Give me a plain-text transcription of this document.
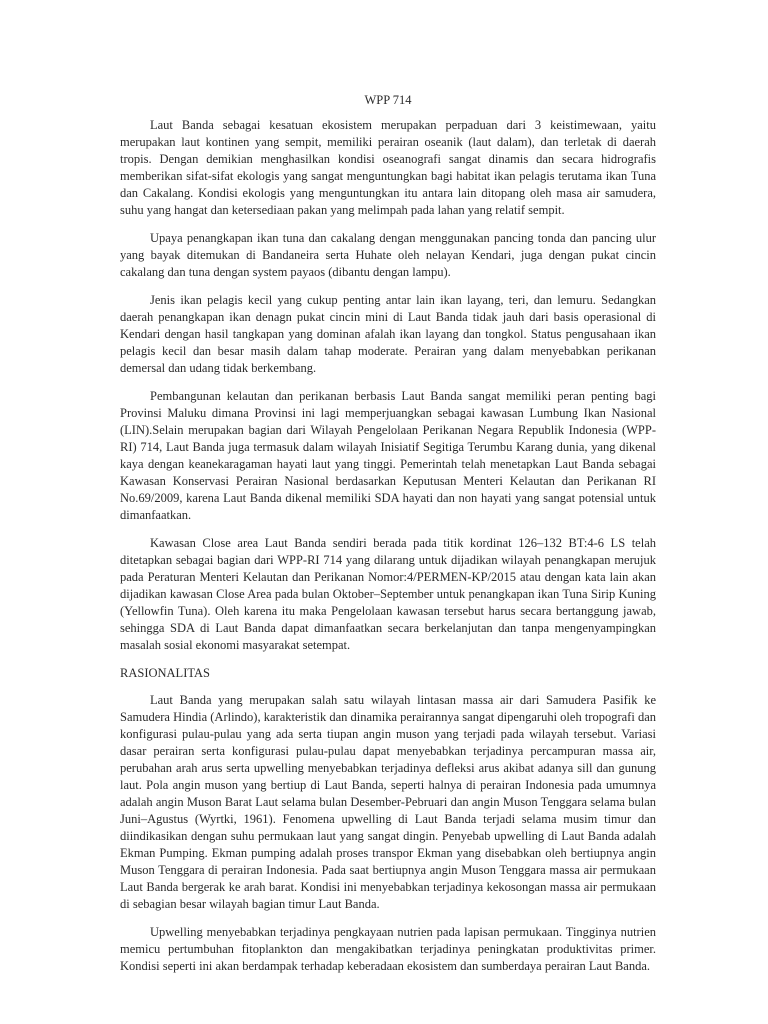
WPP 714

Laut Banda sebagai kesatuan ekosistem merupakan perpaduan dari 3 keistimewaan, yaitu merupakan laut kontinen yang sempit, memiliki perairan oseanik (laut dalam), dan terletak di daerah tropis. Dengan demikian menghasilkan kondisi oseanografi sangat dinamis dan secara hidrografis memberikan sifat-sifat ekologis yang sangat menguntungkan bagi habitat ikan pelagis terutama ikan Tuna dan Cakalang. Kondisi ekologis yang menguntungkan itu antara lain ditopang oleh masa air samudera, suhu yang hangat dan ketersediaan pakan yang melimpah pada lahan yang relatif sempit.

Upaya penangkapan ikan tuna dan cakalang dengan menggunakan pancing tonda dan pancing ulur yang bayak ditemukan di Bandaneira serta Huhate oleh nelayan Kendari, juga dengan pukat cincin cakalang dan tuna dengan system payaos (dibantu dengan lampu).

Jenis ikan pelagis kecil yang cukup penting antar lain ikan layang, teri, dan lemuru. Sedangkan daerah penangkapan ikan denagn pukat cincin mini di Laut Banda tidak jauh dari basis operasional di Kendari dengan hasil tangkapan yang dominan afalah ikan layang dan tongkol. Status pengusahaan ikan pelagis kecil dan besar masih dalam tahap moderate. Perairan yang dalam menyebabkan perikanan demersal dan udang tidak berkembang.

Pembangunan kelautan dan perikanan berbasis Laut Banda sangat memiliki peran penting bagi Provinsi Maluku dimana Provinsi ini lagi memperjuangkan sebagai kawasan Lumbung Ikan Nasional (LIN).Selain merupakan bagian dari Wilayah Pengelolaan Perikanan Negara Republik Indonesia (WPP-RI) 714, Laut Banda juga termasuk dalam wilayah Inisiatif Segitiga Terumbu Karang dunia, yang dikenal kaya dengan keanekaragaman hayati laut yang tinggi. Pemerintah telah menetapkan Laut Banda sebagai Kawasan Konservasi Perairan Nasional berdasarkan Keputusan Menteri Kelautan dan Perikanan RI No.69/2009, karena Laut Banda dikenal memiliki SDA hayati dan non hayati yang sangat potensial untuk dimanfaatkan.

Kawasan Close area Laut Banda sendiri berada pada titik kordinat 126–132 BT:4-6 LS telah ditetapkan sebagai bagian dari WPP-RI 714 yang dilarang untuk dijadikan wilayah penangkapan merujuk pada Peraturan Menteri Kelautan dan Perikanan Nomor:4/PERMEN-KP/2015 atau dengan kata lain akan dijadikan kawasan Close Area pada bulan Oktober–September untuk penangkapan ikan Tuna Sirip Kuning (Yellowfin Tuna). Oleh karena itu maka Pengelolaan kawasan tersebut harus secara bertanggung jawab, sehingga SDA di Laut Banda dapat dimanfaatkan secara berkelanjutan dan tanpa mengenyampingkan masalah sosial ekonomi masyarakat setempat.

RASIONALITAS

Laut Banda yang merupakan salah satu wilayah lintasan massa air dari Samudera Pasifik ke Samudera Hindia (Arlindo), karakteristik dan dinamika perairannya sangat dipengaruhi oleh tropografi dan konfigurasi pulau-pulau yang ada serta tiupan angin muson yang terjadi pada wilayah tersebut. Variasi dasar perairan serta konfigurasi pulau-pulau dapat menyebabkan terjadinya percampuran massa air, perubahan arah arus serta upwelling menyebabkan terjadinya defleksi arus akibat adanya sill dan gunung laut. Pola angin muson yang bertiup di Laut Banda, seperti halnya di perairan Indonesia pada umumnya adalah angin Muson Barat Laut selama bulan Desember-Pebruari dan angin Muson Tenggara selama bulan Juni–Agustus (Wyrtki, 1961). Fenomena upwelling di Laut Banda terjadi selama musim timur dan diindikasikan dengan suhu permukaan laut yang sangat dingin. Penyebab upwelling di Laut Banda adalah Ekman Pumping. Ekman pumping adalah proses transpor Ekman yang disebabkan oleh bertiupnya angin Muson Tenggara di perairan Indonesia. Pada saat bertiupnya angin Muson Tenggara massa air permukaan Laut Banda bergerak ke arah barat. Kondisi ini menyebabkan terjadinya kekosongan massa air permukaan di sebagian besar wilayah bagian timur Laut Banda.

Upwelling menyebabkan terjadinya pengkayaan nutrien pada lapisan permukaan. Tingginya nutrien memicu pertumbuhan fitoplankton dan mengakibatkan terjadinya peningkatan produktivitas primer. Kondisi seperti ini akan berdampak terhadap keberadaan ekosistem dan sumberdaya perairan Laut Banda.
